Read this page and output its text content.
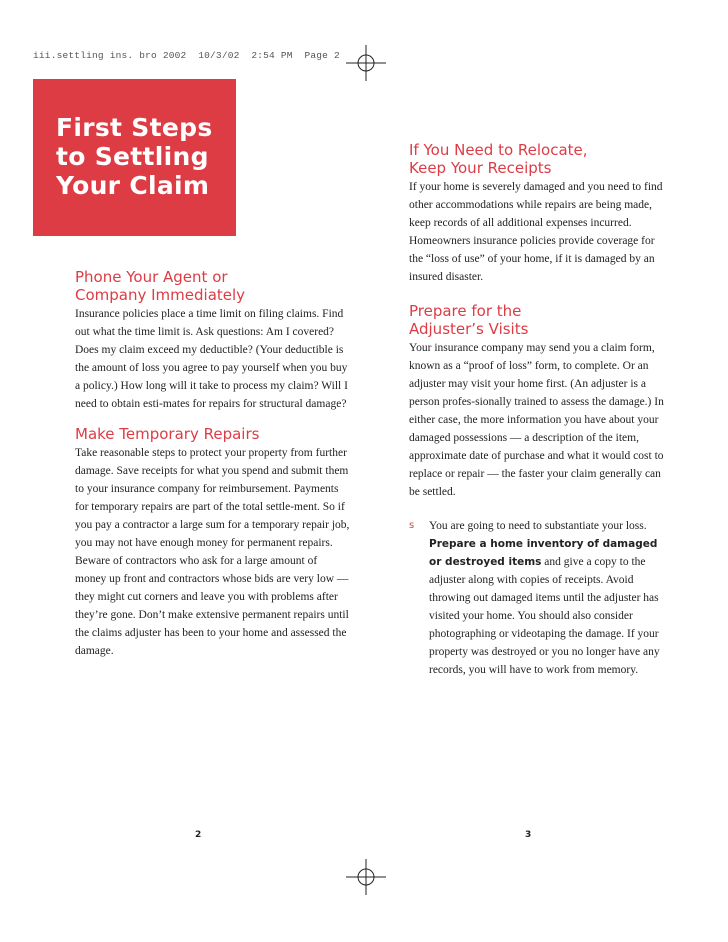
iii.settling ins. bro 2002  10/3/02  2:54 PM  Page 2
First Steps
to Settling
Your Claim
Phone Your Agent or
Company Immediately

Insurance policies place a time limit on filing claims. Find out what the time limit is. Ask questions: Am I covered? Does my claim exceed my deductible? (Your deductible is the amount of loss you agree to pay yourself when you buy a policy.) How long will it take to process my claim? Will I need to obtain esti-mates for repairs for structural damage?

Make Temporary Repairs

Take reasonable steps to protect your property from further damage. Save receipts for what you spend and submit them to your insurance company for reimbursement. Payments for temporary repairs are part of the total settle-ment. So if you pay a contractor a large sum for a temporary repair job, you may not have enough money for permanent repairs. Beware of contractors who ask for a large amount of money up front and contractors whose bids are very low — they might cut corners and leave you with problems after they’re gone. Don’t make extensive permanent repairs until the claims adjuster has been to your home and assessed the damage.

If You Need to Relocate,
Keep Your Receipts

If your home is severely damaged and you need to find other accommodations while repairs are being made, keep records of all additional expenses incurred. Homeowners insurance policies provide coverage for the “loss of use” of your home, if it is damaged by an insured disaster.

Prepare for the
Adjuster’s Visits

Your insurance company may send you a claim form, known as a “proof of loss” form, to complete. Or an adjuster may visit your home first. (An adjuster is a person profes-sionally trained to assess the damage.) In either case, the more information you have about your damaged possessions — a description of the item, approximate date of purchase and what it would cost to replace or repair — the faster your claim generally can be settled.

s You are going to need to substantiate your loss. Prepare a home inventory of damaged or destroyed items and give a copy to the adjuster along with copies of receipts. Avoid throwing out damaged items until the adjuster has visited your home. You should also consider photographing or videotaping the damage. If your property was destroyed or you no longer have any records, you will have to work from memory.
2	3
